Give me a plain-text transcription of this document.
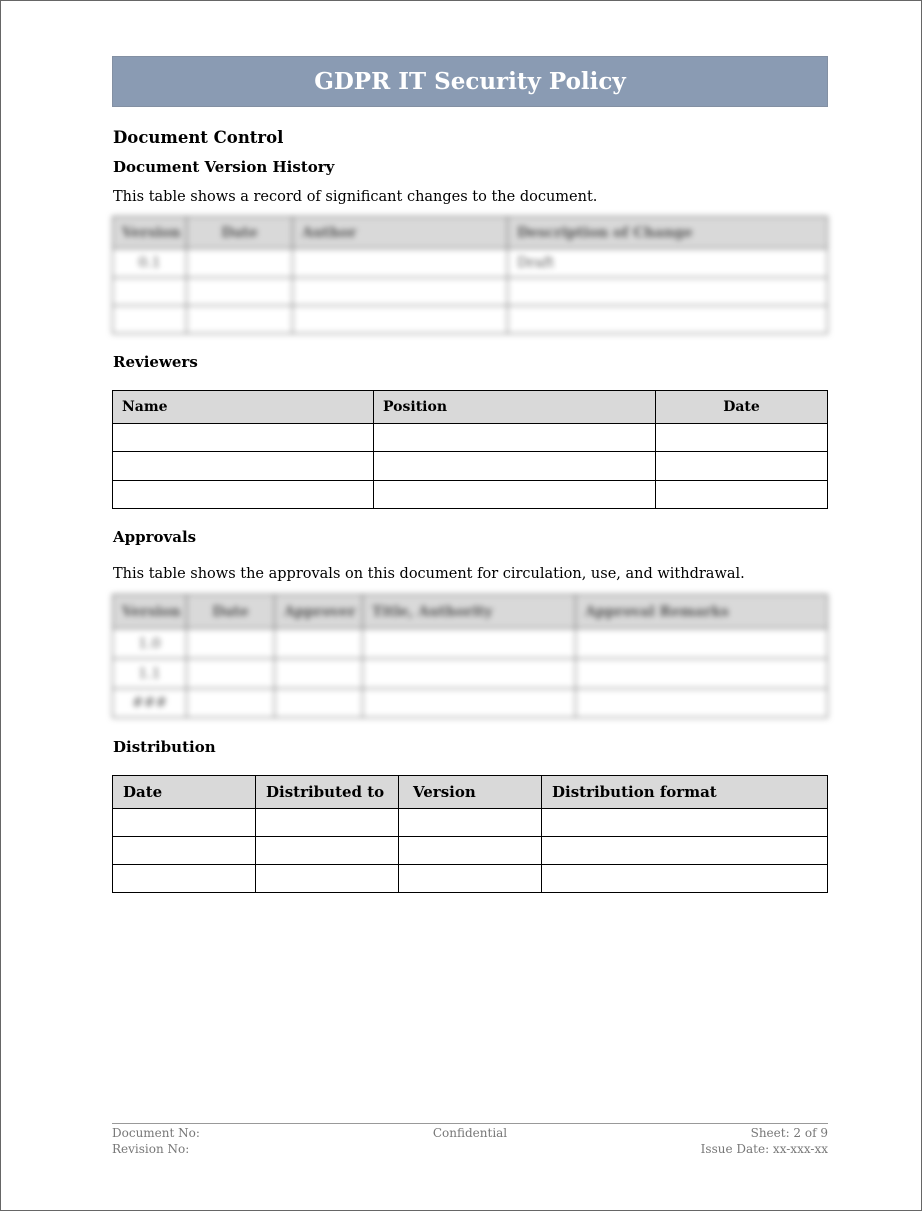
GDPR IT Security Policy
Document Control
Document Version History
This table shows a record of significant changes to the document.
Version	Date	Author	Description of Change
0.1			Draft

Reviewers
Name	Position	Date

Approvals
This table shows the approvals on this document for circulation, use, and withdrawal.
Version	Date	Approver	Title, Authority	Approval Remarks
1.0				
1.1				
###				
Distribution
Date	Distributed to	Version	Distribution format

Document No:
Revision No:
Confidential	Sheet: 2 of 9
Issue Date: xx-xxx-xx
